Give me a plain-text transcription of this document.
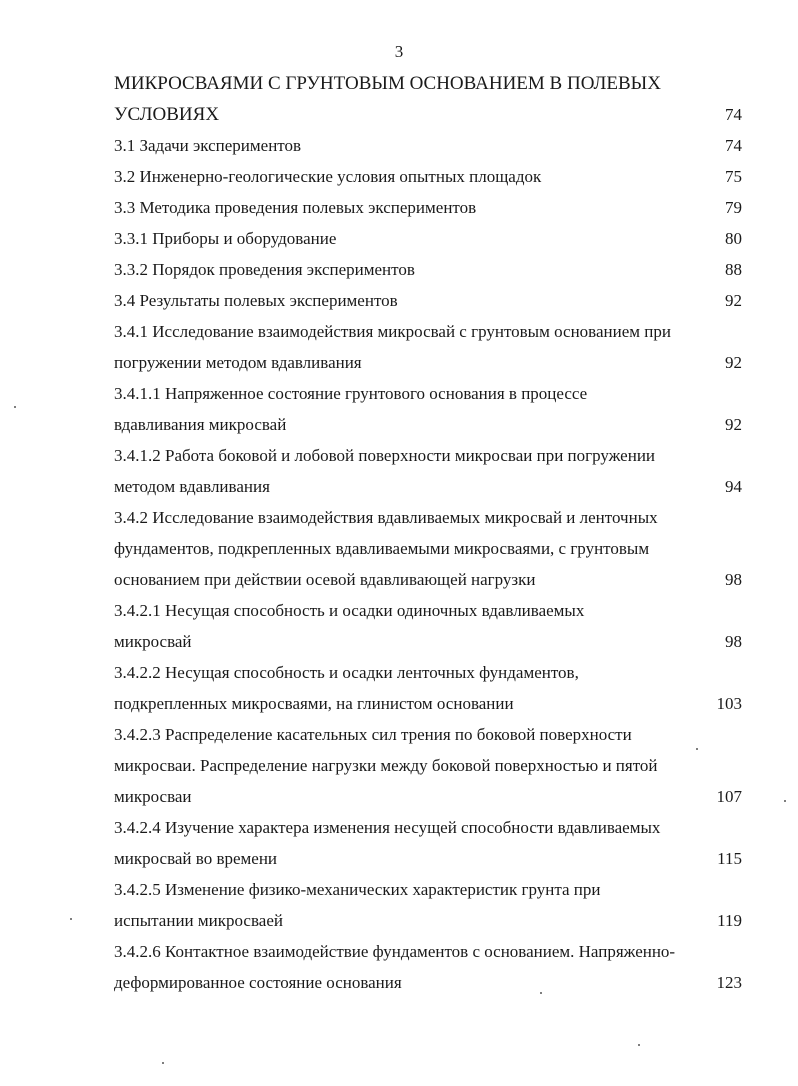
3
МИКРОСВАЯМИ С ГРУНТОВЫМ ОСНОВАНИЕМ В ПОЛЕВЫХ
УСЛОВИЯХ	74
3.1 Задачи экспериментов	74
3.2 Инженерно-геологические условия опытных площадок	75
3.3 Методика проведения полевых экспериментов	79
3.3.1 Приборы и оборудование	80
3.3.2 Порядок проведения экспериментов	88
3.4 Результаты полевых экспериментов	92
3.4.1 Исследование взаимодействия микросвай с грунтовым основанием при
погружении методом вдавливания	92
3.4.1.1 Напряженное состояние грунтового основания в процессе
вдавливания микросвай	92
3.4.1.2 Работа боковой и лобовой поверхности микросваи при погружении
методом вдавливания	94
3.4.2 Исследование взаимодействия вдавливаемых микросвай и ленточных
фундаментов, подкрепленных вдавливаемыми микросваями, с грунтовым
основанием при действии осевой вдавливающей нагрузки	98
3.4.2.1 Несущая способность и осадки одиночных вдавливаемых
микросвай	98
3.4.2.2 Несущая способность и осадки ленточных фундаментов,
подкрепленных микросваями, на глинистом основании	103
3.4.2.3 Распределение касательных сил трения по боковой поверхности
микросваи. Распределение нагрузки между боковой поверхностью и пятой
микросваи	107
3.4.2.4 Изучение характера изменения несущей способности вдавливаемых
микросвай во времени	115
3.4.2.5 Изменение физико-механических характеристик грунта при
испытании микросваей	119
3.4.2.6 Контактное взаимодействие фундаментов с основанием. Напряженно-
деформированное состояние основания	123
